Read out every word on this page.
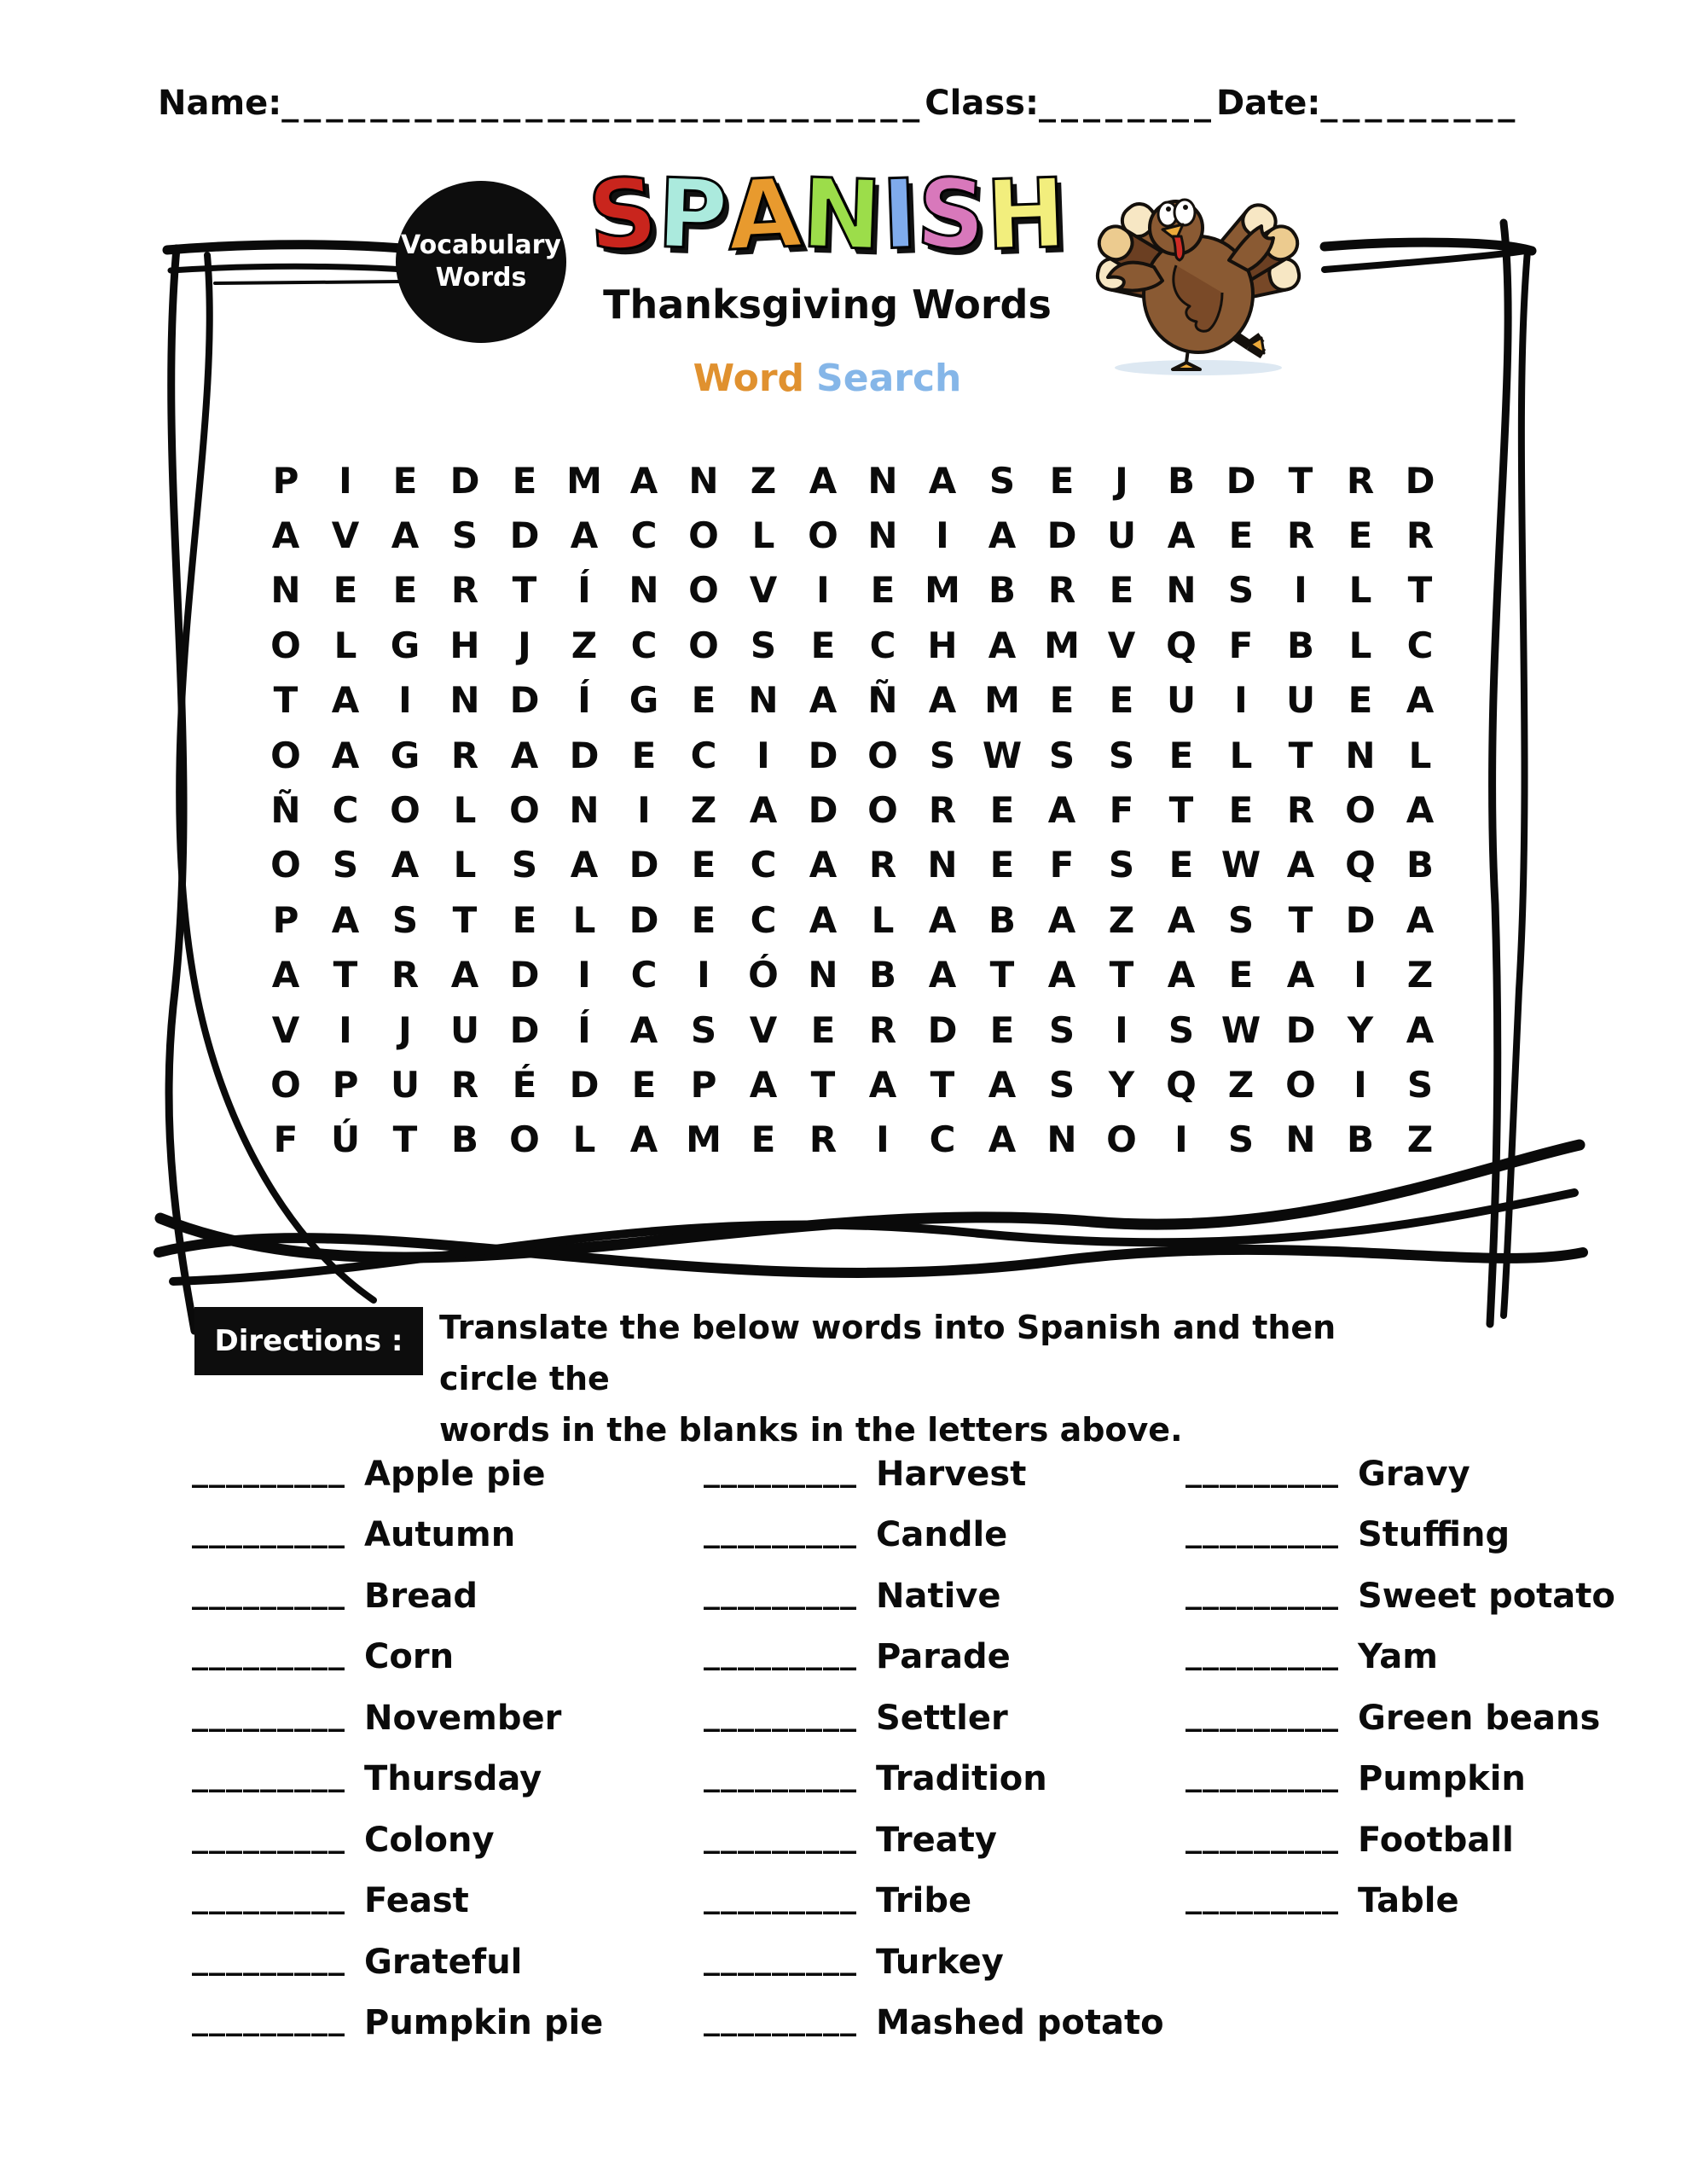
Name:_____________________________Class:________Date:_________
Vocabulary
Words
SPANISH
Thanksgiving Words
Word Search
P	I	E D E M A N Z A N A S E	J	B D T R D
A V A S D A C O L O N	I	A D U A E R E R
N E E R T	Í	N O V	I	E M B R E N S	I	L	T
O L G H	J	Z C O S E C H A M V Q F B L C
T A	I	N D	Í	G E N A Ñ A M E E U	I	U E A
O A G R A D E C	I	D O S W S S E	L	T N L
Ñ C O L O N	I	Z A D O R E A F T E R O A
O S A L S A D E C A R N E F S E W A Q B
P A S T E	L D E C A L A B A Z A S T D A
A T R A D	I	C	I	Ó N B A T A T A E A	I	Z
V	I	J	U D	Í	A S V E R D E S	I	S W D Y A
O P U R É D E P A T A T A S Y Q Z O	I	S
F Ú T B O L A M E R	I	C A N O	I	S N B Z
Directions :	Translate the below words into Spanish and then circle the
words in the blanks in the letters above.
_________ Apple pie
_________ Autumn
_________ Bread
_________ Corn
_________ November
_________ Thursday
_________ Colony
_________ Feast
_________ Grateful
_________ Pumpkin pie
_________ Harvest
_________ Candle
_________ Native
_________ Parade
_________ Settler
_________ Tradition
_________ Treaty
_________ Tribe
_________ Turkey
_________ Mashed potato
_________ Gravy
_________ Stuffing
_________ Sweet potato
_________ Yam
_________ Green beans
_________ Pumpkin
_________ Football
_________ Table
